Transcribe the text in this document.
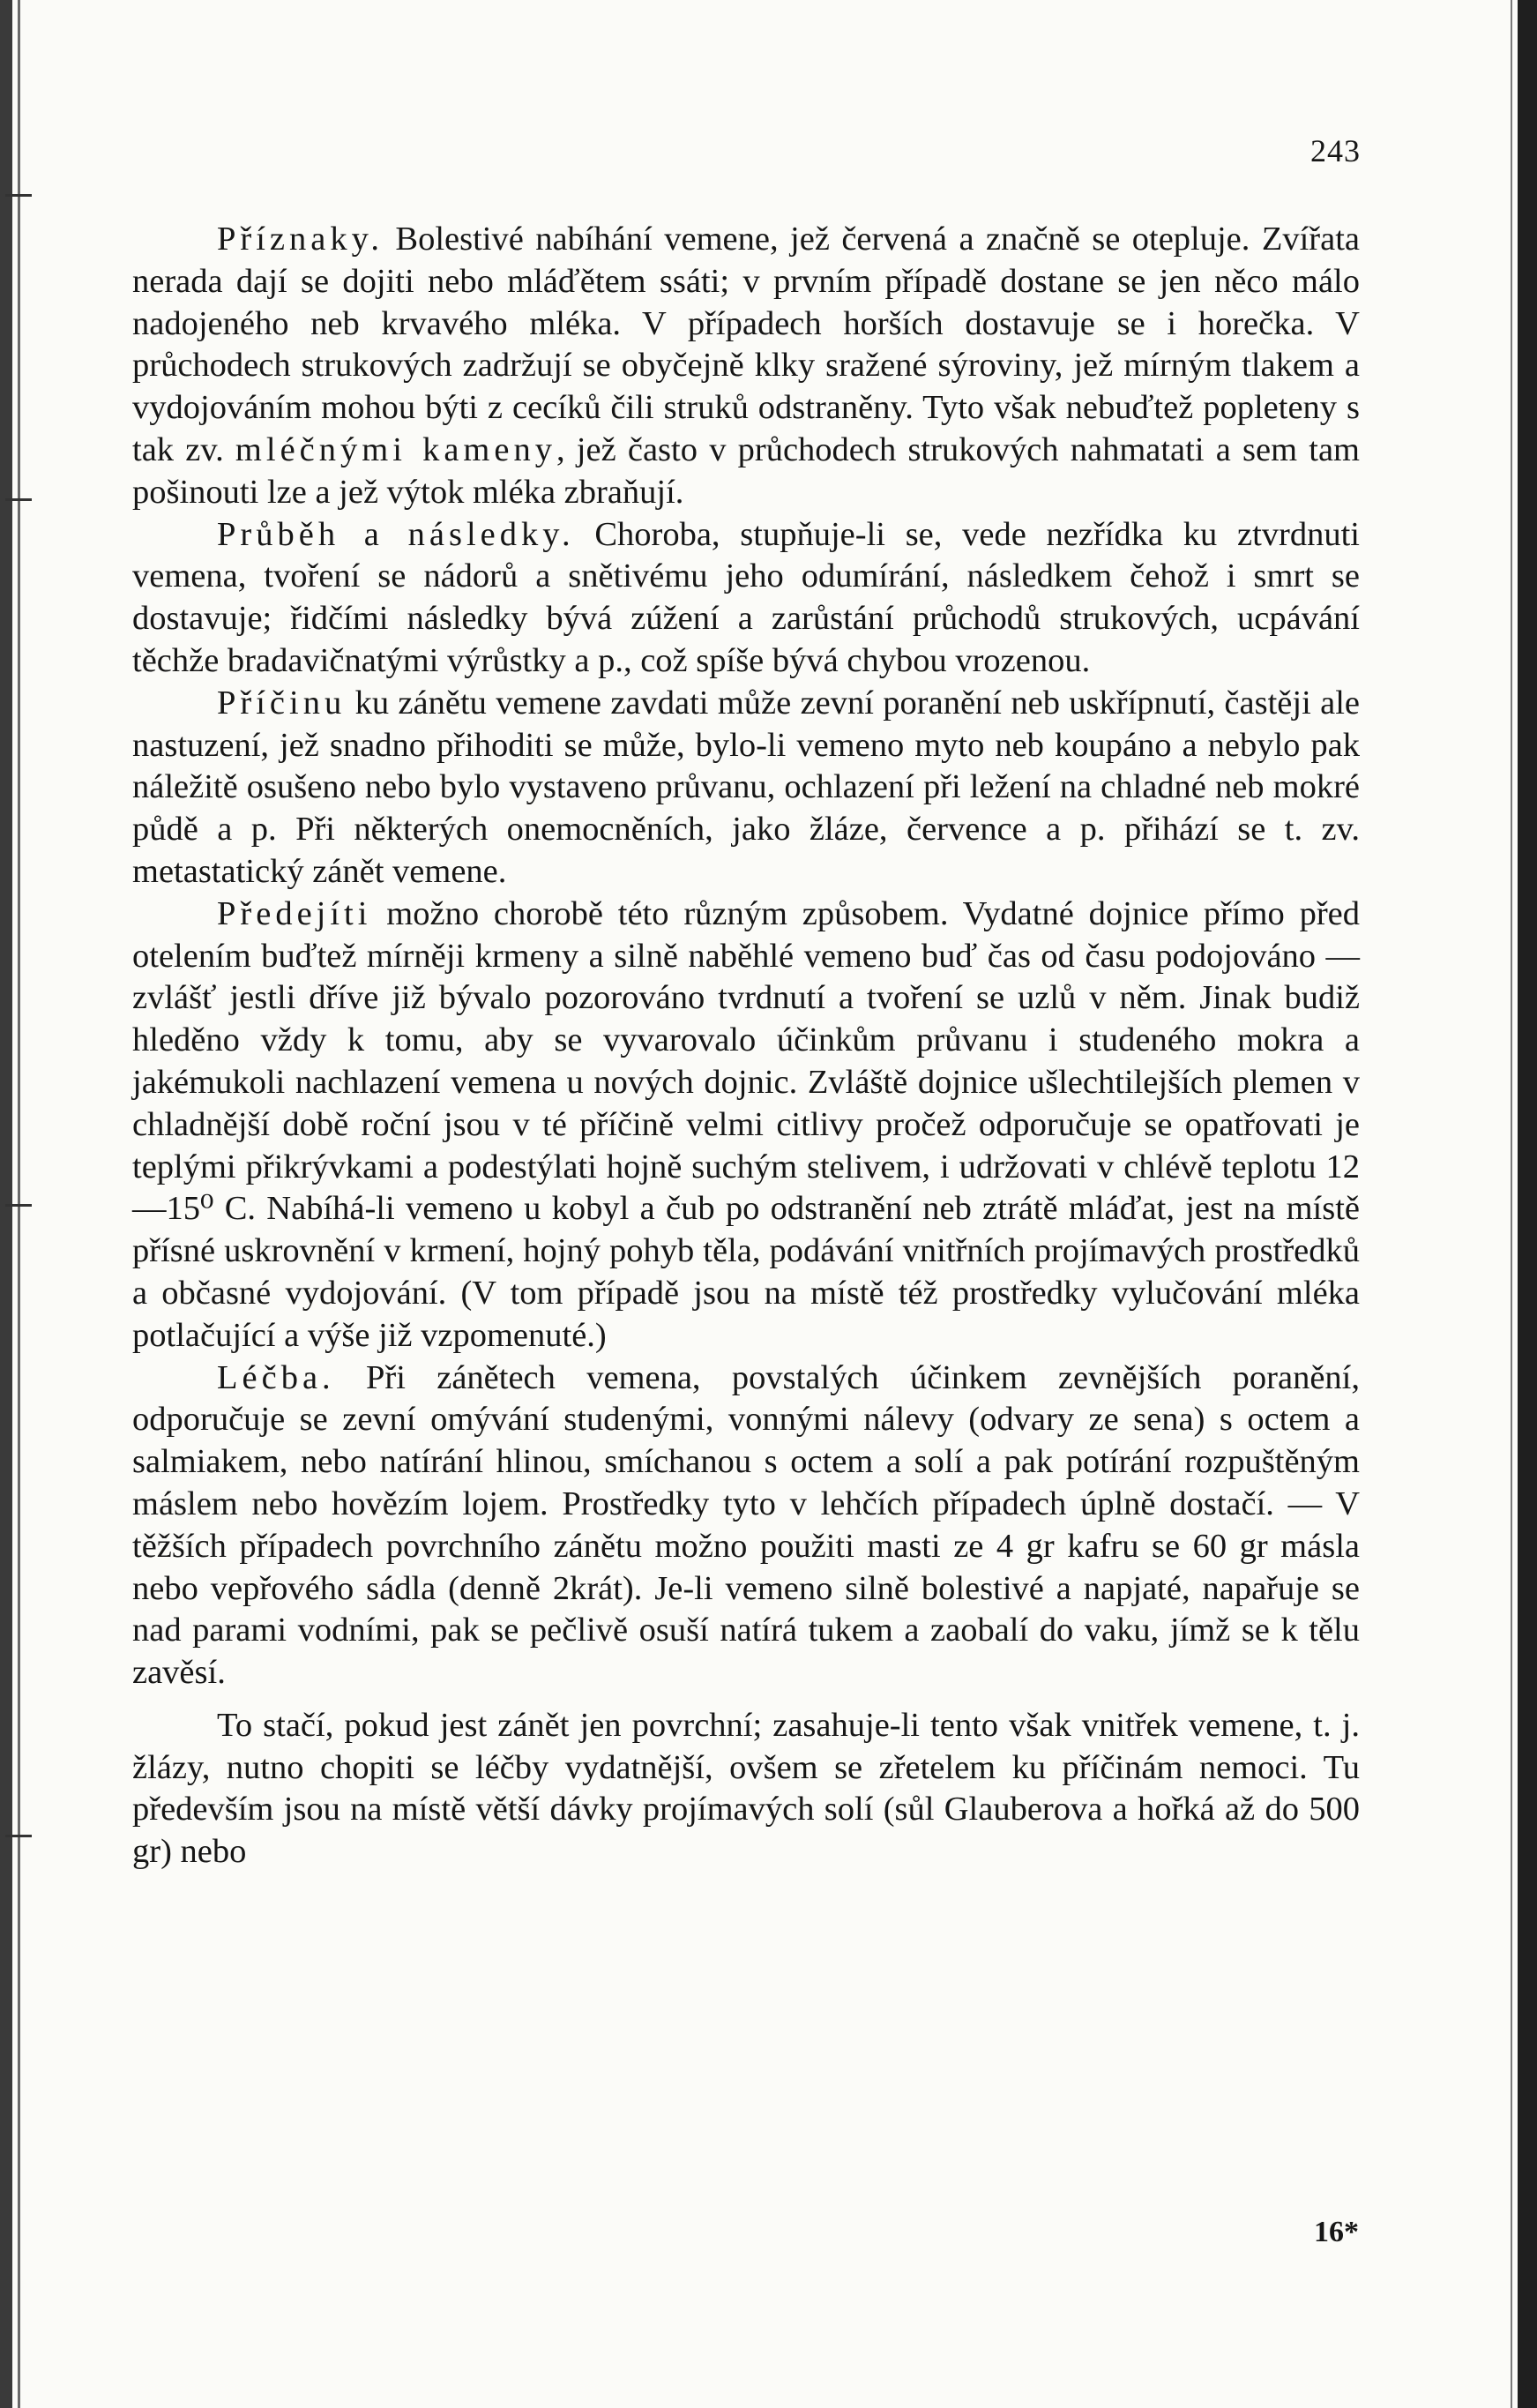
243

Příznaky. Bolestivé nabíhání vemene, jež červená a značně se otepluje. Zvířata nerada dají se dojiti nebo mláďětem ssáti; v prvním případě dostane se jen něco málo nadojeného neb krvavého mléka. V případech horších dostavuje se i horečka. V průchodech strukových zadržují se obyčejně klky sražené sýroviny, jež mírným tlakem a vydojováním mohou býti z cecíků čili struků odstraněny. Tyto však nebuďtež popleteny s tak zv. mléčnými kameny, jež často v průchodech strukových nahmatati a sem tam pošinouti lze a jež výtok mléka zbraňují.

Průběh a následky. Choroba, stupňuje-li se, vede nezřídka ku ztvrdnuti vemena, tvoření se nádorů a snětivému jeho odumírání, následkem čehož i smrt se dostavuje; řidčími následky bývá zúžení a zarůstání průchodů strukových, ucpávání těchže bradavičnatými výrůstky a p., což spíše bývá chybou vrozenou.

Příčinu ku zánětu vemene zavdati může zevní poranění neb uskřípnutí, častěji ale nastuzení, jež snadno přihoditi se může, bylo-li vemeno myto neb koupáno a nebylo pak náležitě osušeno nebo bylo vystaveno průvanu, ochlazení při ležení na chladné neb mokré půdě a p. Při některých onemocněních, jako žláze, července a p. přihází se t. zv. metastatický zánět vemene.

Předejíti možno chorobě této různým způsobem. Vydatné dojnice přímo před otelením buďtež mírněji krmeny a silně naběhlé vemeno buď čas od času podojováno — zvlášť jestli dříve již bývalo pozorováno tvrdnutí a tvoření se uzlů v něm. Jinak budiž hleděno vždy k tomu, aby se vyvarovalo účinkům průvanu i studeného mokra a jakémukoli nachlazení vemena u nových dojnic. Zvláště dojnice ušlechtilejších plemen v chladnější době roční jsou v té příčině velmi citlivy pročež odporučuje se opatřovati je teplými přikrývkami a podestýlati hojně suchým stelivem, i udržovati v chlévě teplotu 12—15⁰ C. Nabíhá-li vemeno u kobyl a čub po odstranění neb ztrátě mláďat, jest na místě přísné uskrovnění v krmení, hojný pohyb těla, podávání vnitřních projímavých prostředků a občasné vydojování. (V tom případě jsou na místě též prostředky vylučování mléka potlačující a výše již vzpomenuté.)

Léčba. Při zánětech vemena, povstalých účinkem zevnějších poranění, odporučuje se zevní omývání studenými, vonnými nálevy (odvary ze sena) s octem a salmiakem, nebo natírání hlinou, smíchanou s octem a solí a pak potírání rozpuštěným máslem nebo hovězím lojem. Prostředky tyto v lehčích případech úplně dostačí. — V těžších případech povrchního zánětu možno použiti masti ze 4 gr kafru se 60 gr másla nebo vepřového sádla (denně 2krát). Je-li vemeno silně bolestivé a napjaté, napařuje se nad parami vodními, pak se pečlivě osuší natírá tukem a zaobalí do vaku, jímž se k tělu zavěsí.

To stačí, pokud jest zánět jen povrchní; zasahuje-li tento však vnitřek vemene, t. j. žlázy, nutno chopiti se léčby vydatnější, ovšem se zřetelem ku příčinám nemoci. Tu především jsou na místě větší dávky projímavých solí (sůl Glauberova a hořká až do 500 gr) nebo

16*
